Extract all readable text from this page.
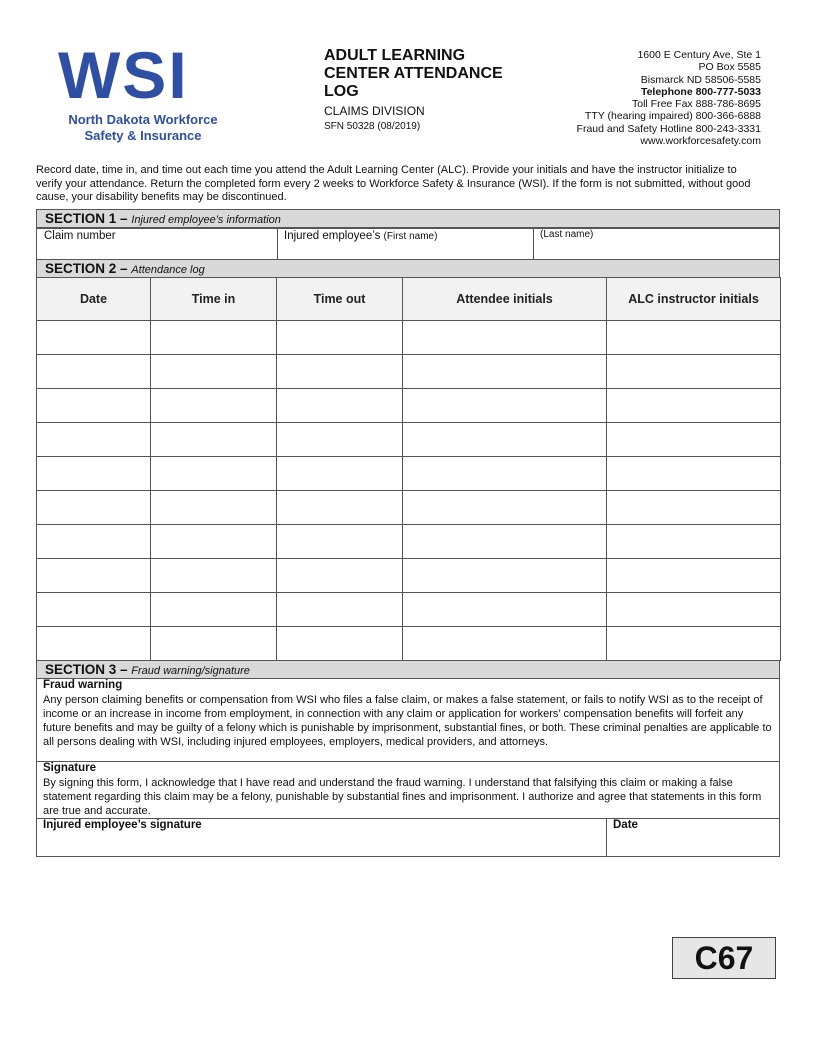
WSI
North Dakota Workforce
Safety & Insurance
ADULT LEARNING CENTER ATTENDANCE LOG
CLAIMS DIVISION
SFN 50328 (08/2019)
1600 E Century Ave, Ste 1
PO Box 5585
Bismarck ND 58506-5585
Telephone 800-777-5033
Toll Free Fax 888-786-8695
TTY (hearing impaired) 800-366-6888
Fraud and Safety Hotline 800-243-3331
www.workforcesafety.com
Record date, time in, and time out each time you attend the Adult Learning Center (ALC). Provide your initials and have the instructor initialize to verify your attendance. Return the completed form every 2 weeks to Workforce Safety & Insurance (WSI). If the form is not submitted, without good cause, your disability benefits may be discontinued.
SECTION 1 – Injured employee’s information
Claim number	Injured employee’s (First name)	(Last name)
SECTION 2 – Attendance log
Date	Time in	Time out	Attendee initials	ALC instructor initials

SECTION 3 – Fraud warning/signature
Fraud warning
Any person claiming benefits or compensation from WSI who files a false claim, or makes a false statement, or fails to notify WSI as to the receipt of income or an increase in income from employment, in connection with any claim or application for workers’ compensation benefits will forfeit any future benefits and may be guilty of a felony which is punishable by imprisonment, substantial fines, or both. These criminal penalties are applicable to all persons dealing with WSI, including injured employees, employers, medical providers, and attorneys.
Signature
By signing this form, I acknowledge that I have read and understand the fraud warning. I understand that falsifying this claim or making a false statement regarding this claim may be a felony, punishable by substantial fines and imprisonment. I authorize and agree that statements in this form are true and accurate.
Injured employee’s signature	Date
C67
